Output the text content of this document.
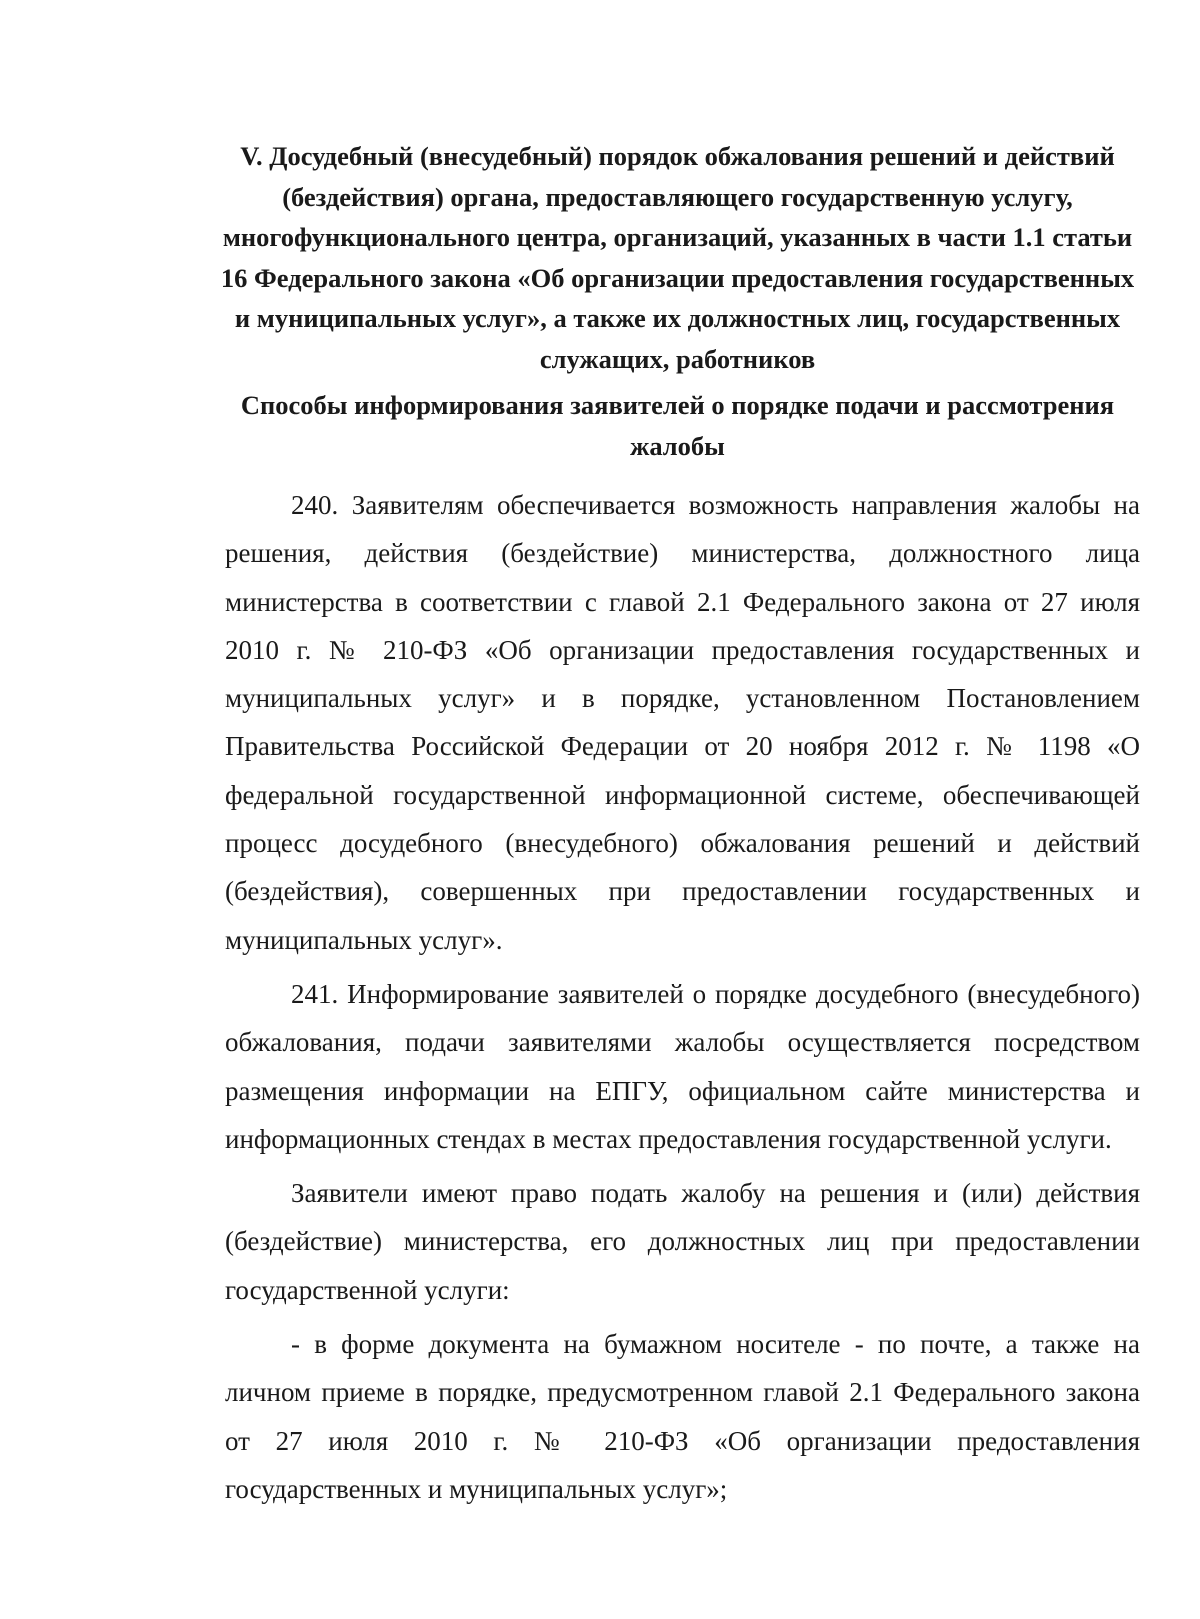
V. Досудебный (внесудебный) порядок обжалования решений и действий (бездействия) органа, предоставляющего государственную услугу, многофункционального центра, организаций, указанных в части 1.1 статьи 16 Федерального закона «Об организации предоставления государственных и муниципальных услуг», а также их должностных лиц, государственных служащих, работников
Способы информирования заявителей о порядке подачи и рассмотрения жалобы

240. Заявителям обеспечивается возможность направления жалобы на решения, действия (бездействие) министерства, должностного лица министерства в соответствии с главой 2.1 Федерального закона от 27 июля 2010 г. № 210-ФЗ «Об организации предоставления государственных и муниципальных услуг» и в порядке, установленном Постановлением Правительства Российской Федерации от 20 ноября 2012 г. № 1198 «О федеральной государственной информационной системе, обеспечивающей процесс досудебного (внесудебного) обжалования решений и действий (бездействия), совершенных при предоставлении государственных и муниципальных услуг».

241. Информирование заявителей о порядке досудебного (внесудебного) обжалования, подачи заявителями жалобы осуществляется посредством размещения информации на ЕПГУ, официальном сайте министерства и информационных стендах в местах предоставления государственной услуги.

Заявители имеют право подать жалобу на решения и (или) действия (бездействие) министерства, его должностных лиц при предоставлении государственной услуги:

- в форме документа на бумажном носителе - по почте, а также на личном приеме в порядке, предусмотренном главой 2.1 Федерального закона от 27 июля 2010 г. № 210-ФЗ «Об организации предоставления государственных и муниципальных услуг»;
